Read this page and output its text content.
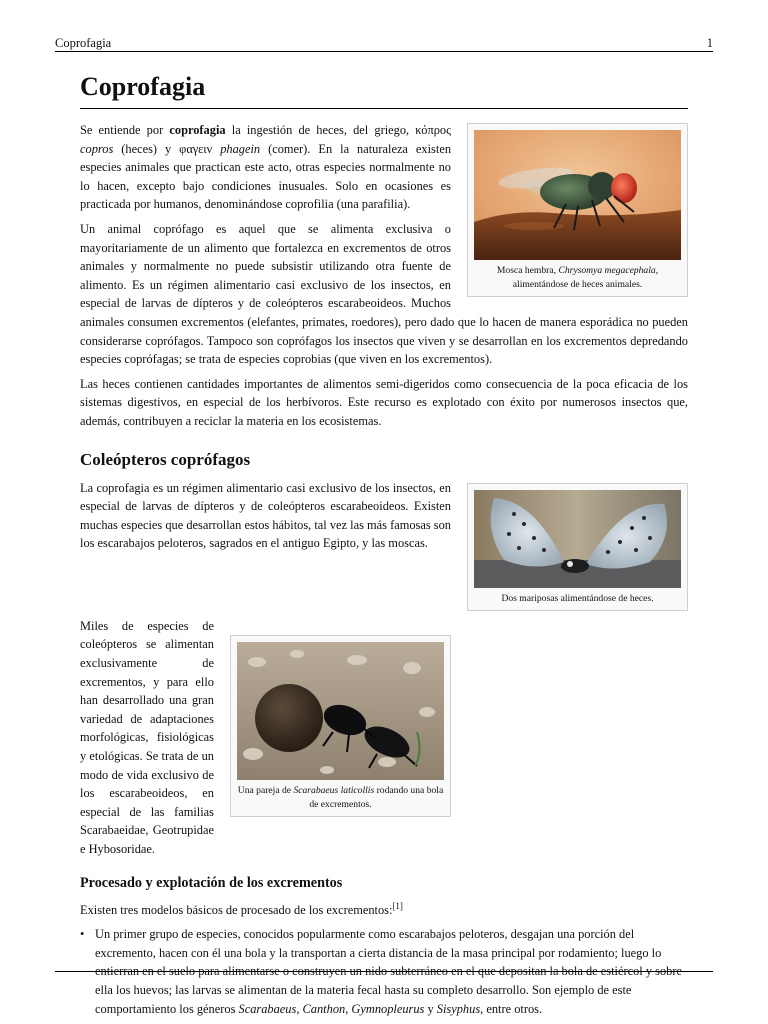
Coprofagia	1
Coprofagia
Mosca hembra, Chrysomya megacephala, alimentándose de heces animales.

Se entiende por coprofagia la ingestión de heces, del griego, κόπρος copros (heces) y φαγειν phagein (comer). En la naturaleza existen especies animales que practican este acto, otras especies normalmente no lo hacen, excepto bajo condiciones inusuales. Solo en ocasiones es practicada por humanos, denominándose coprofilia (una parafilia).

Un animal coprófago es aquel que se alimenta exclusiva o mayoritariamente de un alimento que fortalezca en excrementos de otros animales y normalmente no puede subsistir utilizando otra fuente de alimento. Es un régimen alimentario casi exclusivo de los insectos, en especial de larvas de dípteros y de coleópteros escarabeoideos. Muchos animales consumen excrementos (elefantes, primates, roedores), pero dado que lo hacen de manera esporádica no pueden considerarse coprófagos. Tampoco son coprófagos los insectos que viven y se desarrollan en los excrementos depredando especies coprófagas; se trata de especies coprobias (que viven en los excrementos).

Las heces contienen cantidades importantes de alimentos semi-digeridos como consecuencia de la poca eficacia de los sistemas digestivos, en especial de los herbívoros. Este recurso es explotado con éxito por numerosos insectos que, además, contribuyen a reciclar la materia en los ecosistemas.

Coleópteros coprófagos
Dos mariposas alimentándose de heces.

La coprofagia es un régimen alimentario casi exclusivo de los insectos, en especial de larvas de dípteros y de coleópteros escarabeoideos. Existen muchas especies que desarrollan estos hábitos, tal vez las más famosas son los escarabajos peloteros, sagrados en el antiguo Egipto, y las moscas.

Una pareja de Scarabaeus laticollis rodando una bola de excrementos.

Miles de especies de coleópteros se alimentan exclusivamente de excrementos, y para ello han desarrollado una gran variedad de adaptaciones morfológicas, fisiológicas y etológicas. Se trata de un modo de vida exclusivo de los escarabeoideos, en especial de las familias Scarabaeidae, Geotrupidae e Hybosoridae.

Procesado y explotación de los excrementos

Existen tres modelos básicos de procesado de los excrementos:[1]

• Un primer grupo de especies, conocidos popularmente como escarabajos peloteros, desgajan una porción del excremento, hacen con él una bola y la transportan a cierta distancia de la masa principal por rodamiento; luego lo entierran en el suelo para alimentarse o construyen un nido subterráneo en el que depositan la bola de estiércol y sobre ella los huevos; las larvas se alimentan de la materia fecal hasta su completo desarrollo. Son ejemplo de este comportamiento los géneros Scarabaeus, Canthon, Gymnopleurus y Sisyphus, entre otros.
